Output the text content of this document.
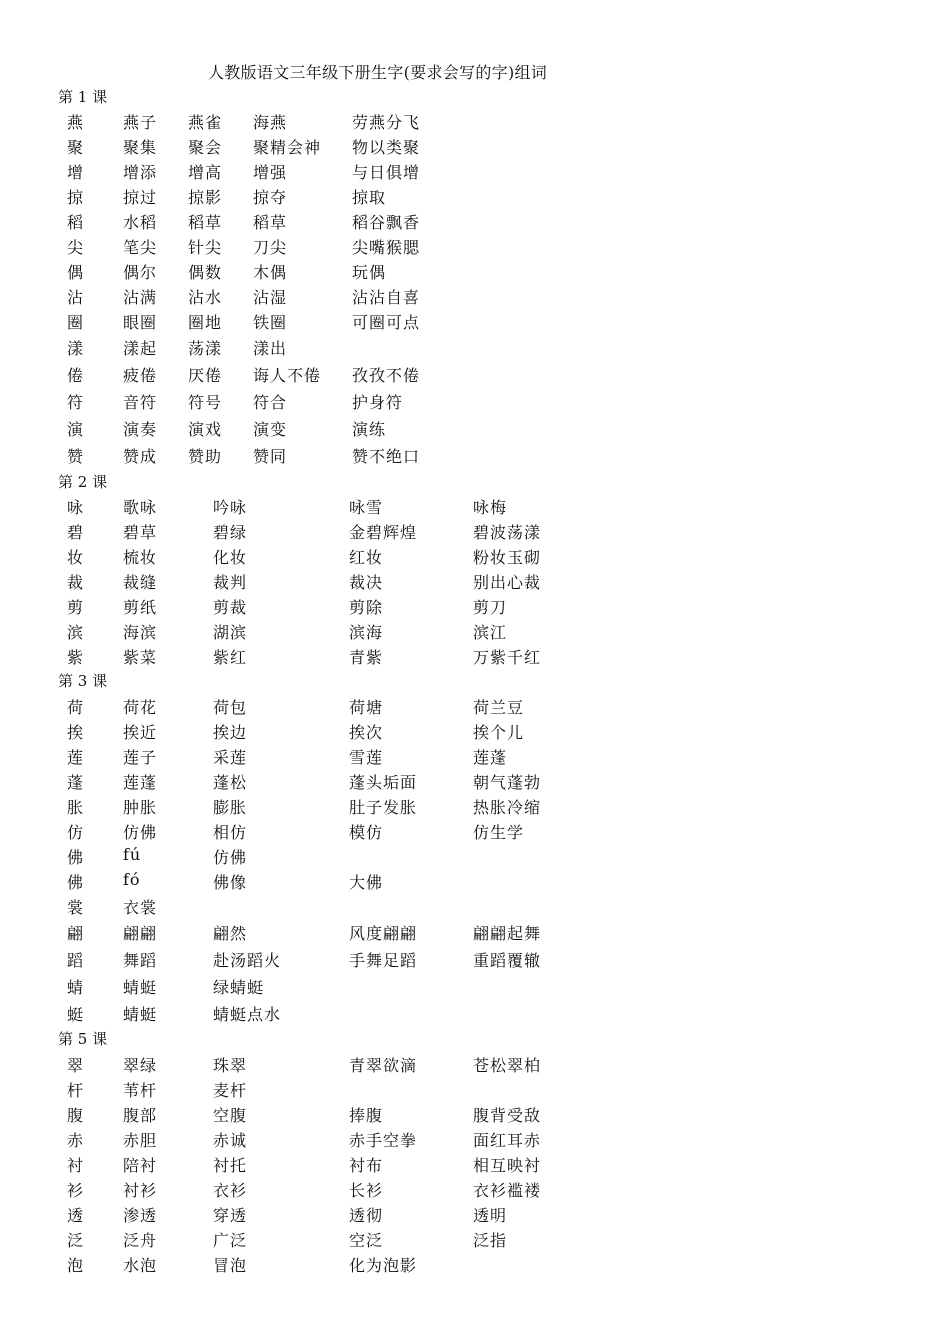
人教版语文三年级下册生字(要求会写的字)组词
第 1 课
燕 燕子 燕雀 海燕	劳燕分飞
聚 聚集 聚会 聚精会神 物以类聚
增 增添 增高 增强	与日俱增
掠 掠过 掠影 掠夺	掠取
稻 水稻 稻草 稻草	稻谷飘香
尖 笔尖 针尖 刀尖	尖嘴猴腮
偶 偶尔 偶数 木偶	玩偶
沾 沾满 沾水 沾湿	沾沾自喜
圈 眼圈 圈地 铁圈	可圈可点
漾 漾起 荡漾 漾出
倦 疲倦 厌倦 诲人不倦 孜孜不倦
符 音符 符号 符合	护身符
演 演奏 演戏 演变	演练
赞 赞成 赞助 赞同	赞不绝口
第 2 课
咏 歌咏	吟咏	咏雪	咏梅
碧 碧草	碧绿	金碧辉煌	碧波荡漾
妆 梳妆	化妆	红妆	粉妆玉砌
裁 裁缝	裁判	裁决	别出心裁
剪 剪纸	剪裁	剪除	剪刀
滨 海滨	湖滨	滨海	滨江
紫 紫菜	紫红	青紫	万紫千红
第 3 课
荷 荷花	荷包	荷塘	荷兰豆
挨 挨近	挨边	挨次	挨个儿
莲 莲子	采莲	雪莲	莲蓬
蓬 莲蓬	蓬松	蓬头垢面	朝气蓬勃
胀 肿胀	膨胀	肚子发胀	热胀冷缩
仿 仿佛	相仿	模仿	仿生学
佛 fú	仿佛
佛 fó	佛像	大佛
裳 衣裳
翩 翩翩	翩然	风度翩翩	翩翩起舞
蹈 舞蹈	赴汤蹈火	手舞足蹈	重蹈覆辙
蜻 蜻蜓	绿蜻蜓
蜓 蜻蜓	蜻蜓点水
第 5 课
翠 翠绿	珠翠	青翠欲滴	苍松翠柏
杆 苇杆	麦杆
腹 腹部	空腹	捧腹	腹背受敌
赤 赤胆	赤诚	赤手空拳	面红耳赤
衬 陪衬	衬托	衬布	相互映衬
衫 衬衫	衣衫	长衫	衣衫褴褛
透 渗透	穿透	透彻	透明
泛 泛舟	广泛	空泛	泛指
泡 水泡	冒泡	化为泡影
